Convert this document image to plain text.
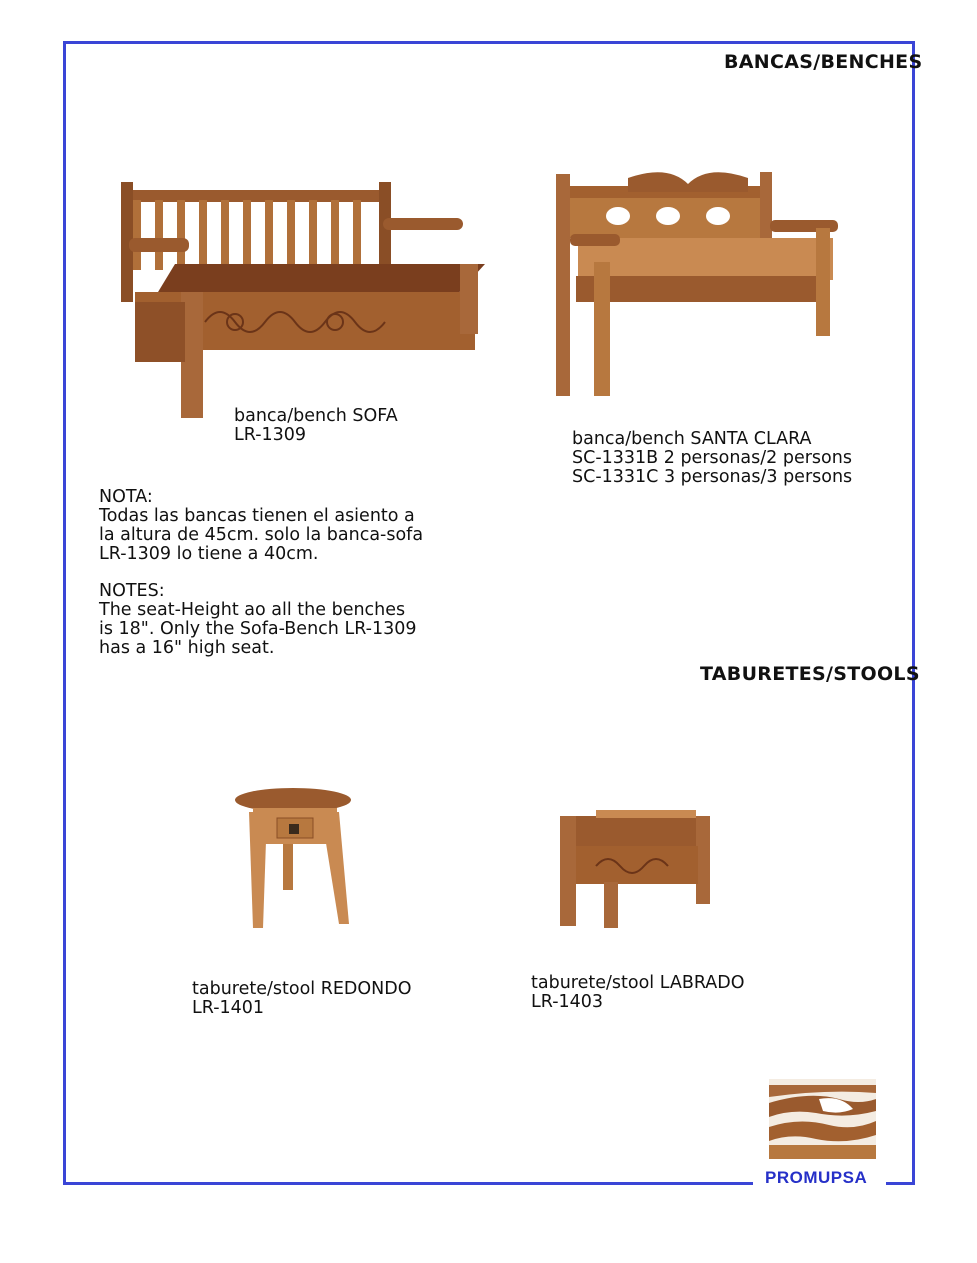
BANCAS/BENCHES
banca/bench SOFA
LR-1309	banca/bench SANTA CLARA
SC-1331B 2 personas/2 persons
SC-1331C 3 personas/3 persons
NOTA:
Todas las bancas tienen el asiento a
la altura de 45cm. solo la banca-sofa
LR-1309 lo tiene a 40cm.
NOTES:
The seat-Height ao all the benches
is 18". Only the Sofa-Bench LR-1309
has a 16" high seat.
TABURETES/STOOLS
taburete/stool REDONDO
LR-1401
taburete/stool LABRADO
LR-1403
PROMUPSA
